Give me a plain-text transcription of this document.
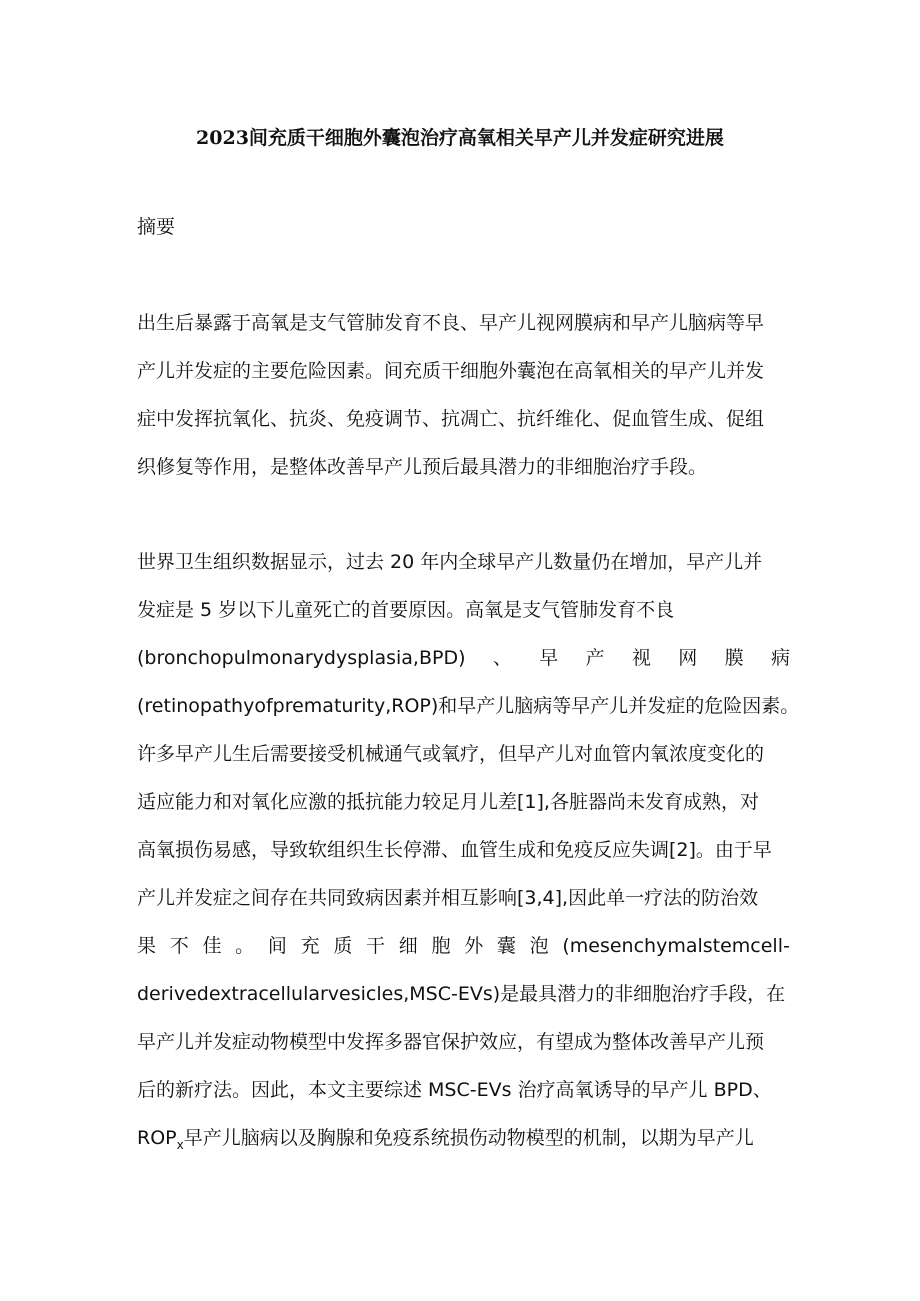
2023间充质干细胞外囊泡治疗高氧相关早产儿并发症研究进展
摘要
出生后暴露于高氧是支气管肺发育不良、早产儿视网膜病和早产儿脑病等早
产儿并发症的主要危险因素。间充质干细胞外囊泡在高氧相关的早产儿并发
症中发挥抗氧化、抗炎、免疫调节、抗凋亡、抗纤维化、促血管生成、促组
织修复等作用，是整体改善早产儿预后最具潜力的非细胞治疗手段。
世界卫生组织数据显示，过去 20 年内全球早产儿数量仍在增加，早产儿并
发症是 5 岁以下儿童死亡的首要原因。高氧是支气管肺发育不良
(bronchopulmonarydysplasia,BPD) 、 早 产 视 网 膜 病
(retinopathyofprematurity,ROP)和早产儿脑病等早产儿并发症的危险因素。
许多早产儿生后需要接受机械通气或氧疗，但早产儿对血管内氧浓度变化的
适应能力和对氧化应激的抵抗能力较足月儿差[1],各脏器尚未发育成熟，对
高氧损伤易感，导致软组织生长停滞、血管生成和免疫反应失调[2]。由于早
产儿并发症之间存在共同致病因素并相互影响[3,4],因此单一疗法的防治效
果 不 佳 。 间 充 质 干 细 胞 外 囊 泡 (mesenchymalstemcell-
derivedextracellularvesicles,MSC-EVs)是最具潜力的非细胞治疗手段，在
早产儿并发症动物模型中发挥多器官保护效应，有望成为整体改善早产儿预
后的新疗法。因此，本文主要综述 MSC-EVs 治疗高氧诱导的早产儿 BPD、
$ROP_x$早产儿脑病以及胸腺和免疫系统损伤动物模型的机制，以期为早产儿
